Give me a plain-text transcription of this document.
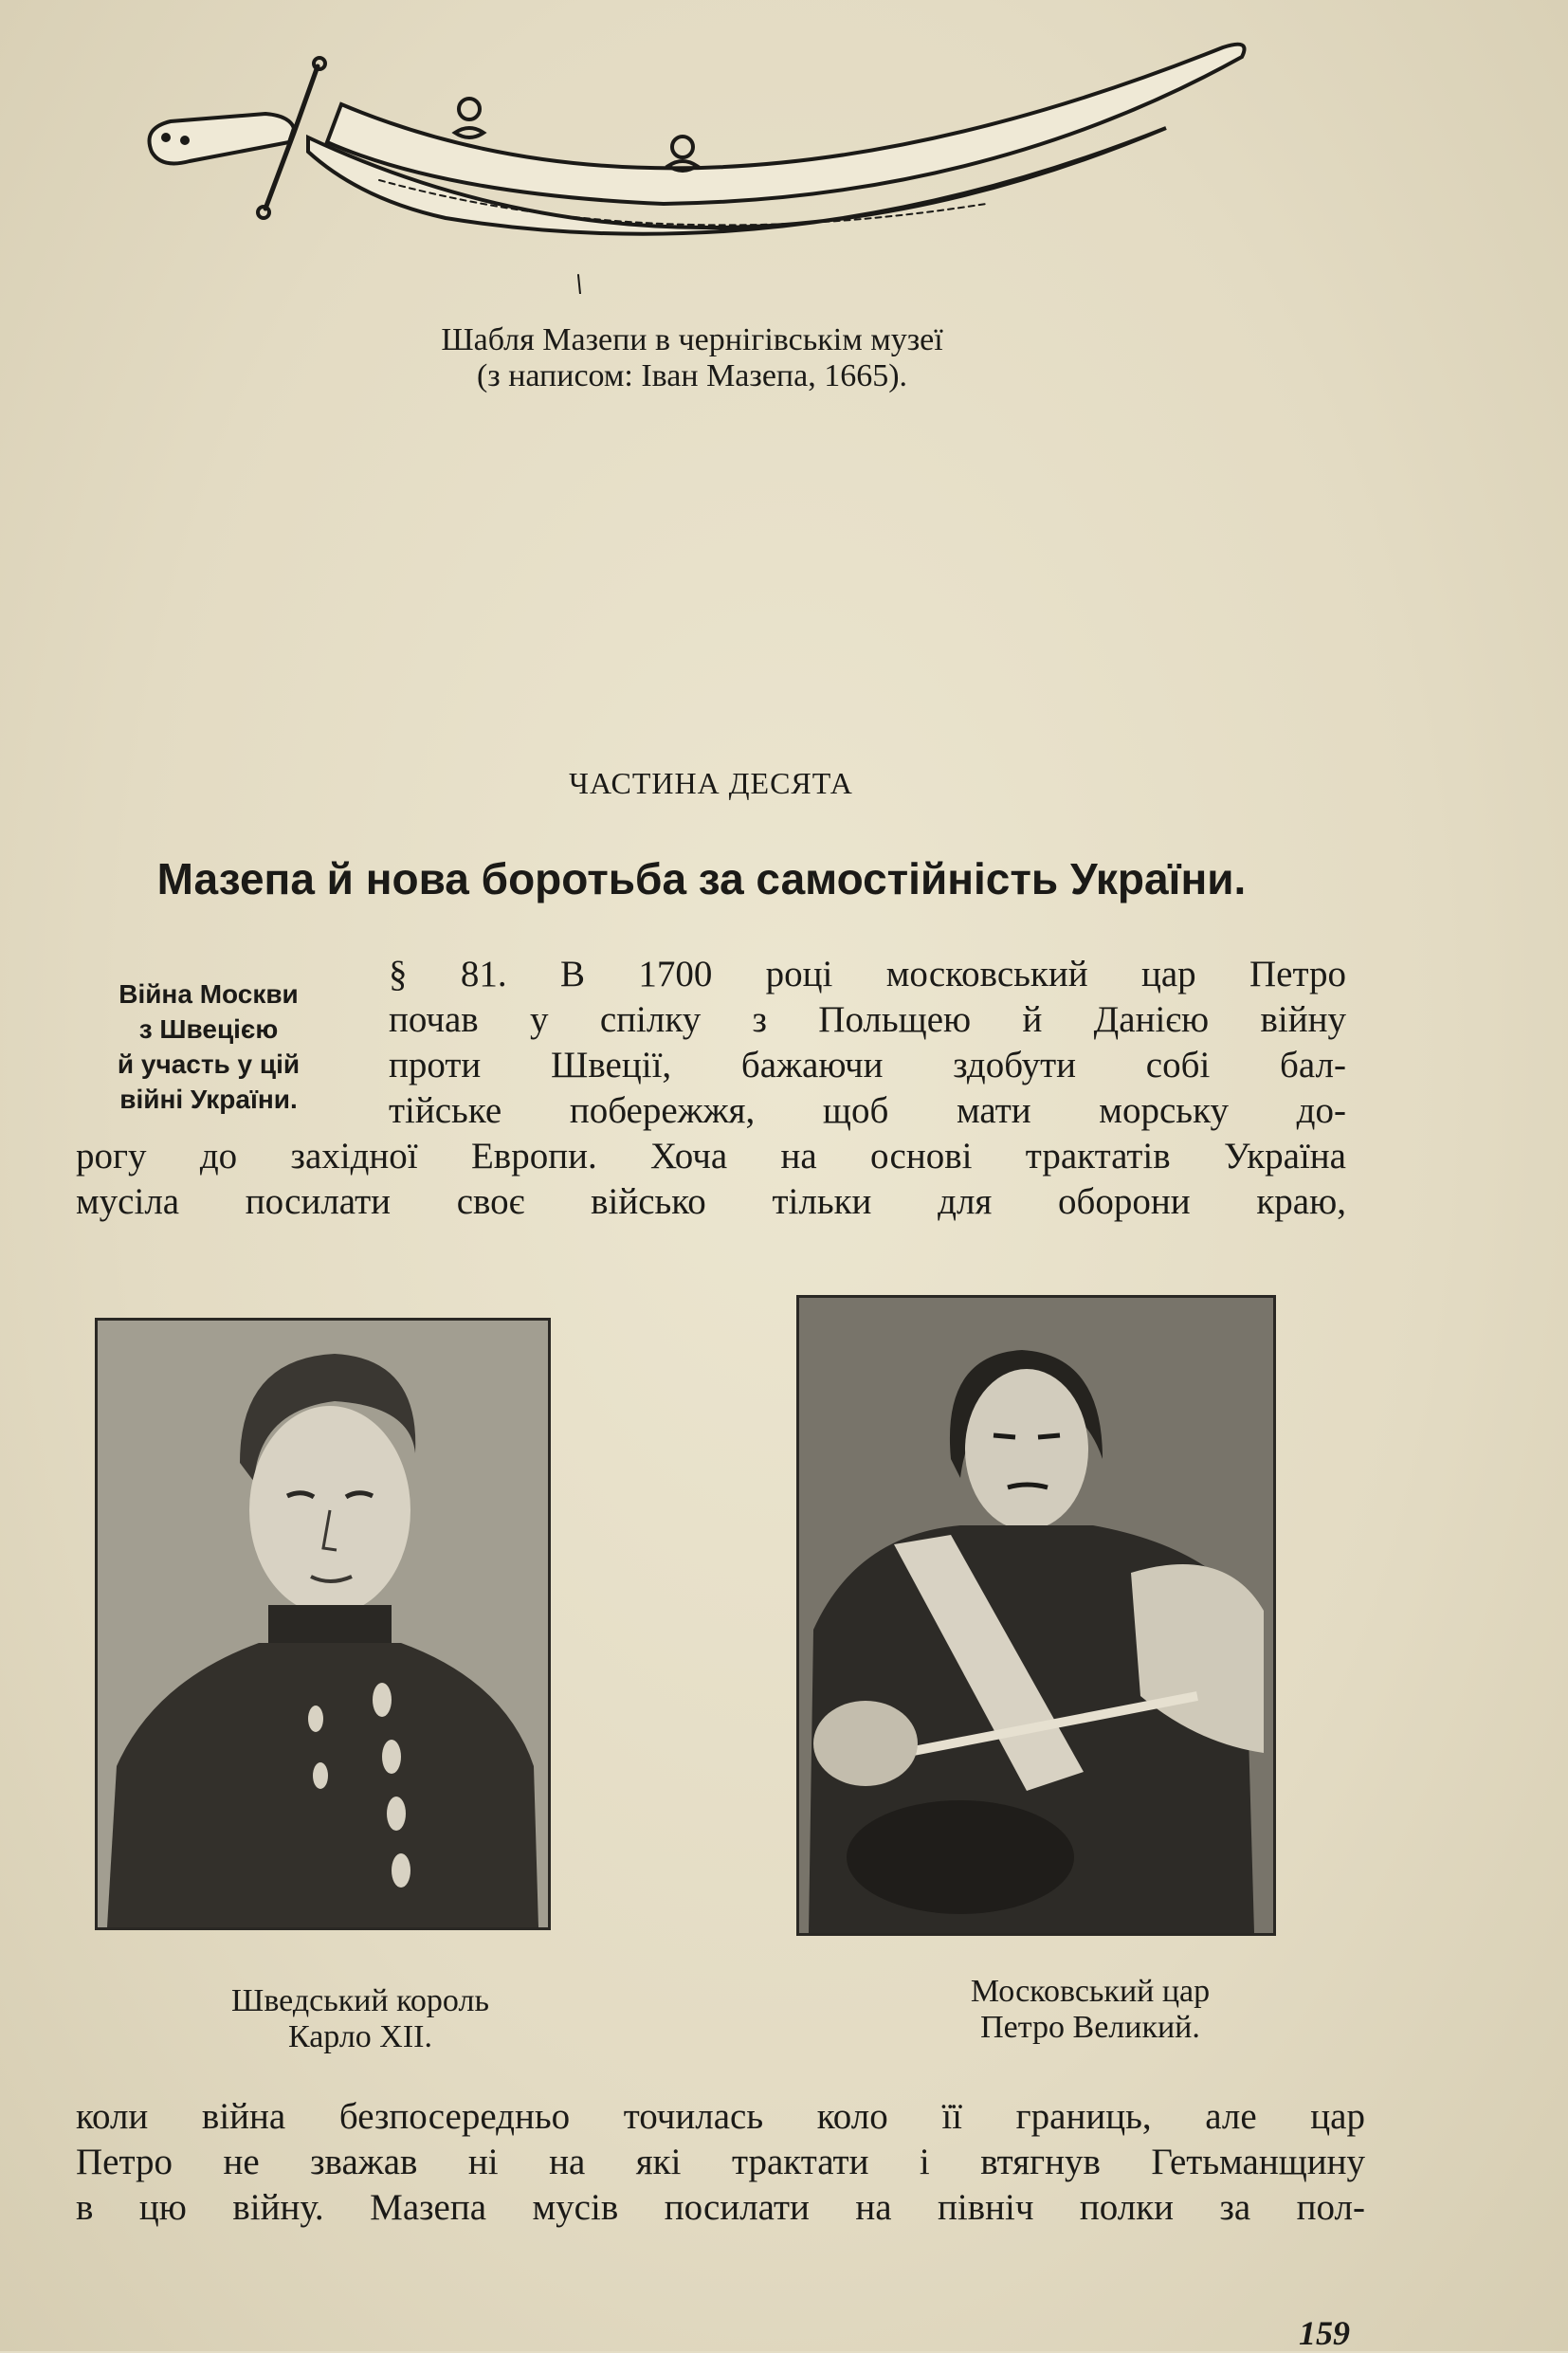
Шабля Мазепи в чернігівськім музеї
(з написом: Іван Мазепа, 1665).
ЧАСТИНА ДЕСЯТА
Мазепа й нова боротьба за самостійність України.
Війна Москви
з Швецією
й участь у цій
війні України.
§ 81. В 1700 році московський цар Петро
почав у спілку з Польщею й Данією війну
проти Швеції, бажаючи здобути собі бал-
тійське побережжя, щоб мати морську до-
рогу до західної Европи. Хоча на основі трактатів Україна
мусіла посилати своє військо тільки для оборони краю,
Шведський король
Карло XII.
Московський цар
Петро Великий.
коли війна безпосередньо точилась коло її границь, але цар
Петро не зважав ні на які трактати і втягнув Гетьманщину
в цю війну. Мазепа мусів посилати на північ полки за пол-
159
